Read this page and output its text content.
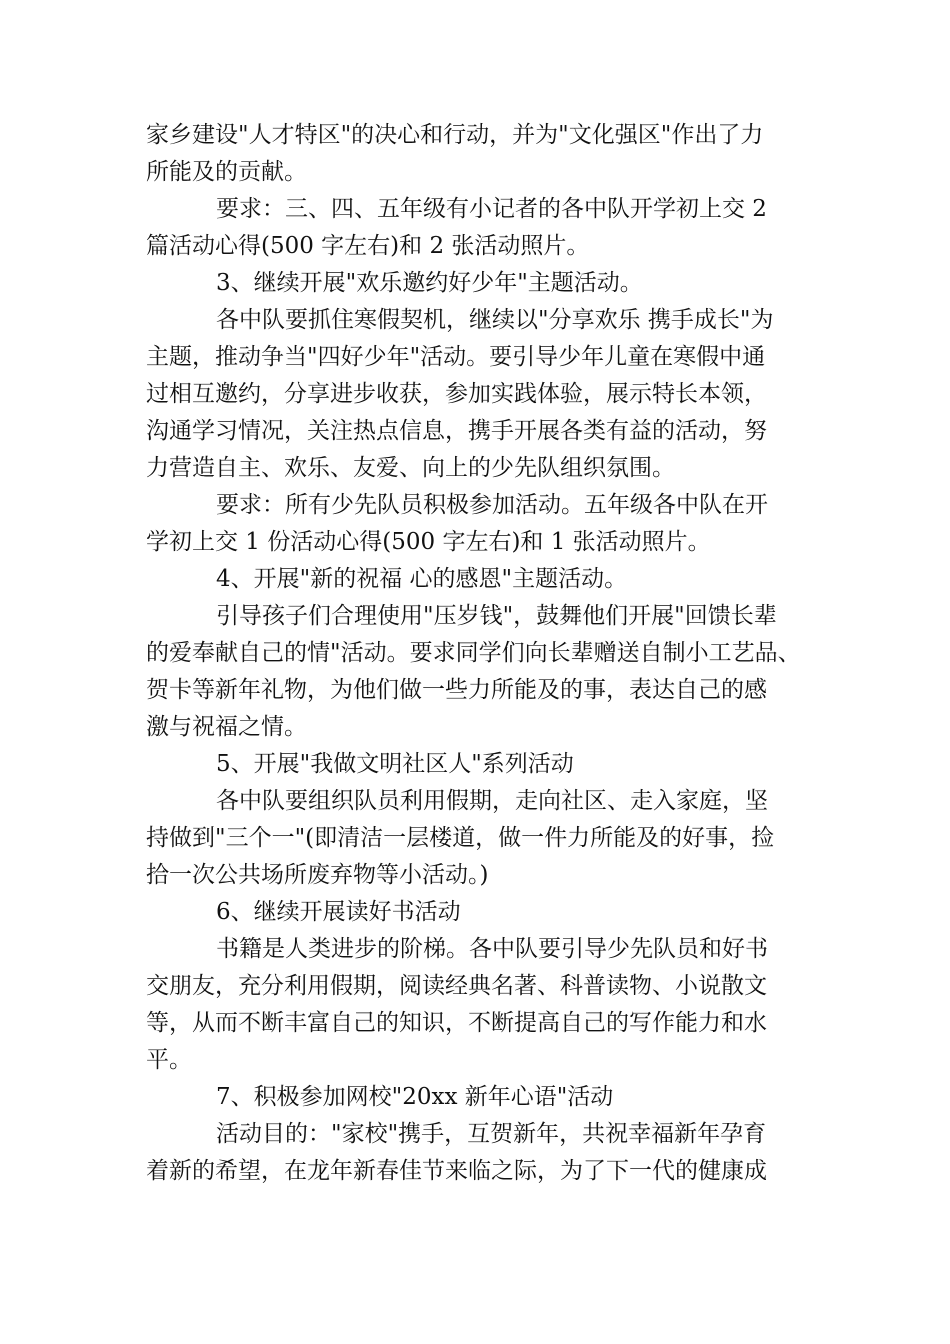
家乡建设"人才特区"的决心和行动，并为"文化强区"作出了力
所能及的贡献。
要求：三、四、五年级有小记者的各中队开学初上交 2
篇活动心得(500 字左右)和 2 张活动照片。
3、继续开展"欢乐邀约好少年"主题活动。
各中队要抓住寒假契机，继续以"分享欢乐 携手成长"为
主题，推动争当"四好少年"活动。要引导少年儿童在寒假中通
过相互邀约，分享进步收获，参加实践体验，展示特长本领，
沟通学习情况，关注热点信息，携手开展各类有益的活动，努
力营造自主、欢乐、友爱、向上的少先队组织氛围。
要求：所有少先队员积极参加活动。五年级各中队在开
学初上交 1 份活动心得(500 字左右)和 1 张活动照片。
4、开展"新的祝福 心的感恩"主题活动。
引导孩子们合理使用"压岁钱"，鼓舞他们开展"回馈长辈
的爱奉献自己的情"活动。要求同学们向长辈赠送自制小工艺品、
贺卡等新年礼物，为他们做一些力所能及的事，表达自己的感
激与祝福之情。
5、开展"我做文明社区人"系列活动
各中队要组织队员利用假期，走向社区、走入家庭，坚
持做到"三个一"(即清洁一层楼道，做一件力所能及的好事，捡
拾一次公共场所废弃物等小活动。)
6、继续开展读好书活动
书籍是人类进步的阶梯。各中队要引导少先队员和好书
交朋友，充分利用假期，阅读经典名著、科普读物、小说散文
等，从而不断丰富自己的知识，不断提高自己的写作能力和水
平。
7、积极参加网校"20xx 新年心语"活动
活动目的："家校"携手，互贺新年，共祝幸福新年孕育
着新的希望，在龙年新春佳节来临之际，为了下一代的健康成
